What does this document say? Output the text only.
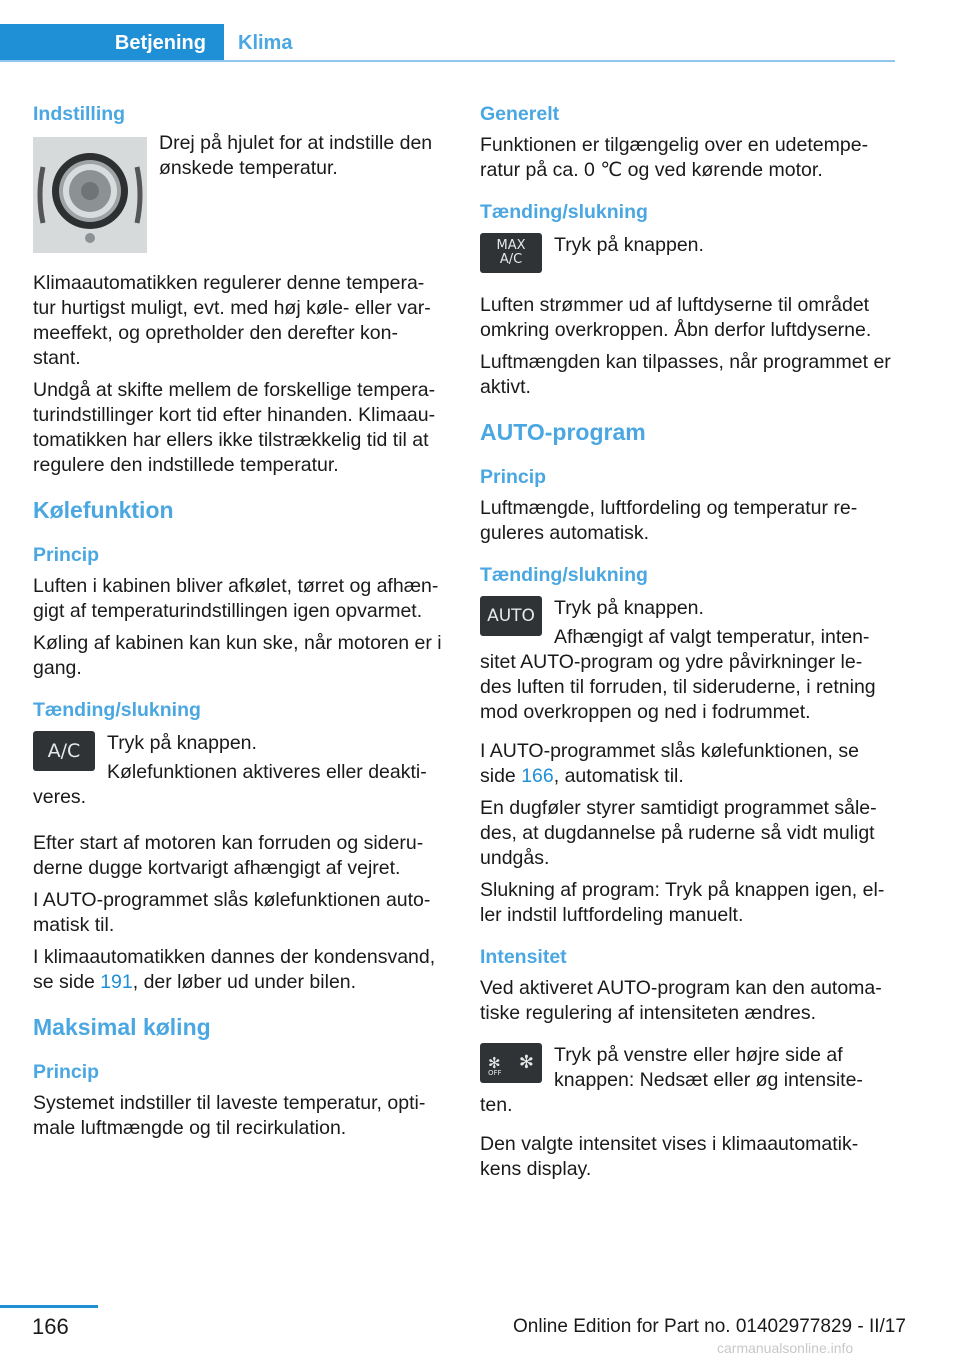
Betjening	Klima
Indstilling

Drej på hjulet for at indstille den ønskede temperatur.

Klimaautomatikken regulerer denne tempera‐ tur hurtigst muligt, evt. med høj køle- eller var‐ meeffekt, og opretholder den derefter kon‐ stant.

Undgå at skifte mellem de forskellige tempera‐ turindstillinger kort tid efter hinanden. Klimaau‐ tomatikken har ellers ikke tilstrækkelig tid til at regulere den indstillede temperatur.

Kølefunktion
Princip

Luften i kabinen bliver afkølet, tørret og afhæn‐ gigt af temperaturindstillingen igen opvarmet.

Køling af kabinen kan kun ske, når motoren er i gang.

Tænding/slukning
A/C	Tryk på knappen.

Kølefunktionen aktiveres eller deakti‐ veres.

Efter start af motoren kan forruden og sideru‐ derne dugge kortvarigt afhængigt af vejret.

I AUTO-programmet slås kølefunktionen auto‐ matisk til.

I klimaautomatikken dannes der kondensvand, se side 191, der løber ud under bilen.

Maksimal køling
Princip

Systemet indstiller til laveste temperatur, opti‐ male luftmængde og til recirkulation.

Generelt

Funktionen er tilgængelig over en udetempe‐ ratur på ca. 0 ℃ og ved kørende motor.

Tænding/slukning
MAX
A/C

Tryk på knappen.

Luften strømmer ud af luftdyserne til området omkring overkroppen. Åbn derfor luftdyserne.

Luftmængden kan tilpasses, når programmet er aktivt.

AUTO-program
Princip

Luftmængde, luftfordeling og temperatur re‐ guleres automatisk.

Tænding/slukning
AUTO Tryk på knappen.

Afhængigt af valgt temperatur, inten‐ sitet AUTO-program og ydre påvirkninger le‐ des luften til forruden, til sideruderne, i retning mod overkroppen og ned i fodrummet.

I AUTO-programmet slås kølefunktionen, se side 166, automatisk til.

En dugføler styrer samtidigt programmet såle‐ des, at dugdannelse på ruderne så vidt muligt undgås.

Slukning af program: Tryk på knappen igen, el‐ ler indstil luftfordeling manuelt.

Intensitet

Ved aktiveret AUTO-program kan den automa‐ tiske regulering af intensiteten ændres.

✻
OFF ✻	Tryk på venstre eller højre side af knappen: Nedsæt eller øg intensite‐ ten.

Den valgte intensitet vises i klimaautomatik‐ kens display.

166	Online Edition for Part no. 01402977829 - II/17
carmanualsonline.info
